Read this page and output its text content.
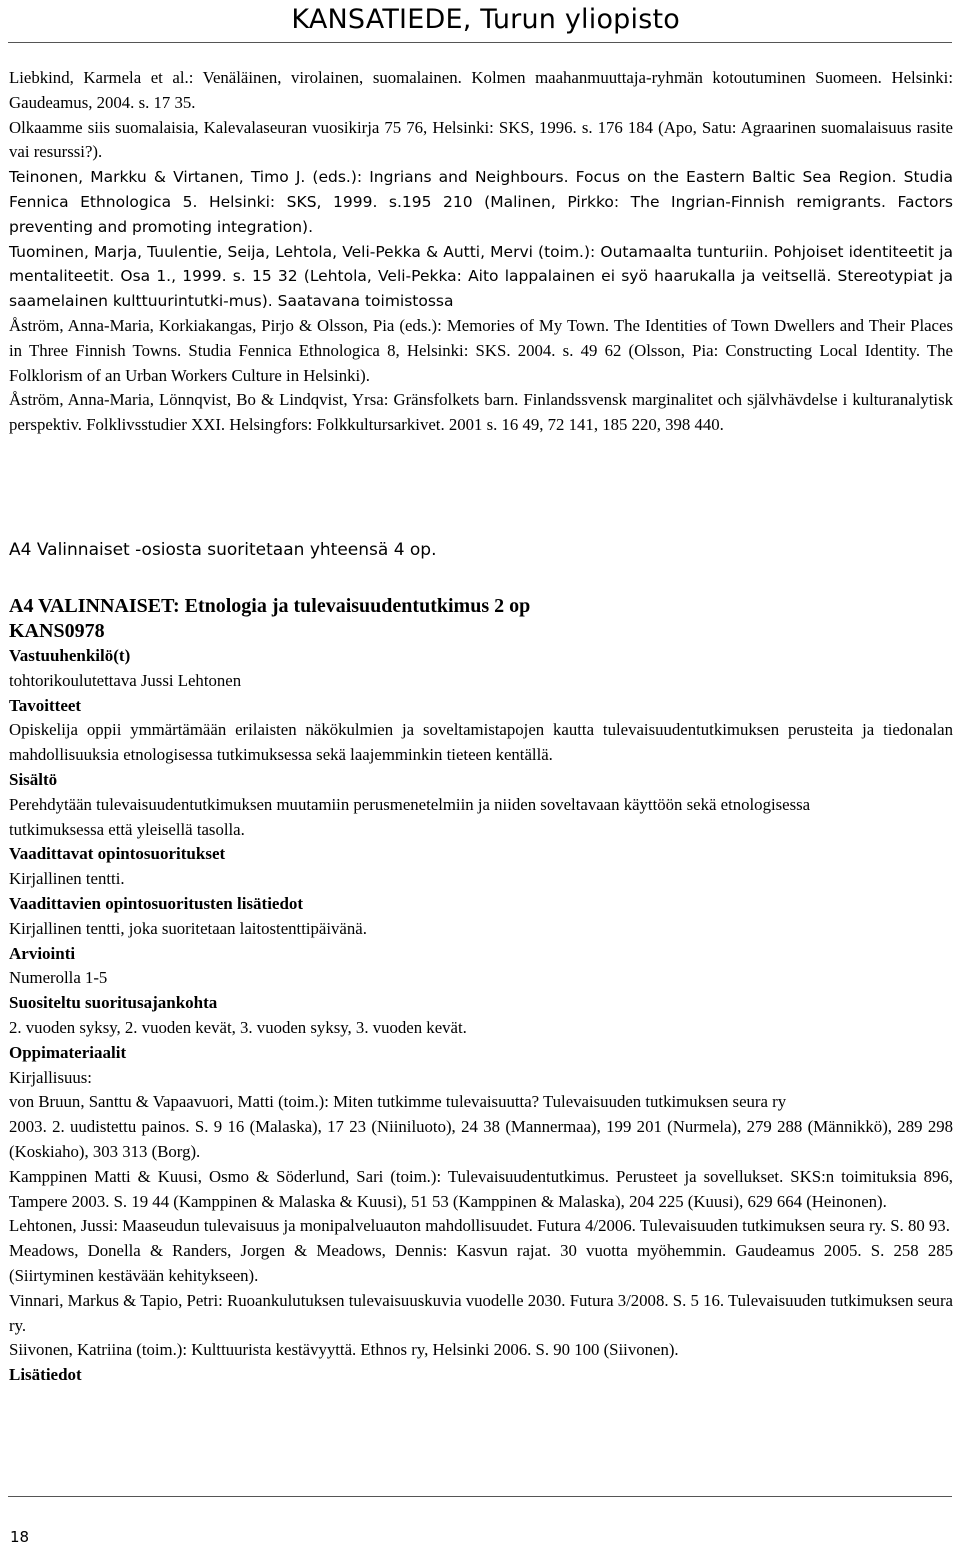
KANSATIEDE, Turun yliopisto

Liebkind, Karmela et al.: Venäläinen, virolainen, suomalainen. Kolmen maahanmuuttaja-ryhmän kotoutuminen Suomeen. Helsinki: Gaudeamus, 2004. s. 17 35.

Olkaamme siis suomalaisia, Kalevalaseuran vuosikirja 75 76, Helsinki: SKS, 1996. s. 176 184 (Apo, Satu: Agraarinen suomalaisuus rasite vai resurssi?).

Teinonen, Markku & Virtanen, Timo J. (eds.): Ingrians and Neighbours. Focus on the Eastern Baltic Sea Region. Studia Fennica Ethnologica 5. Helsinki: SKS, 1999. s.195 210 (Malinen, Pirkko: The Ingrian-Finnish remigrants. Factors preventing and promoting integration).

Tuominen, Marja, Tuulentie, Seija, Lehtola, Veli-Pekka & Autti, Mervi (toim.): Outamaalta tunturiin. Pohjoiset identiteetit ja mentaliteetit. Osa 1., 1999. s. 15 32 (Lehtola, Veli-Pekka: Aito lappalainen ei syö haarukalla ja veitsellä. Stereotypiat ja saamelainen kulttuurintutki-mus). Saatavana toimistossa

Åström, Anna-Maria, Korkiakangas, Pirjo & Olsson, Pia (eds.): Memories of My Town. The Identities of Town Dwellers and Their Places in Three Finnish Towns. Studia Fennica Ethnologica 8, Helsinki: SKS. 2004. s. 49 62 (Olsson, Pia: Constructing Local Identity. The Folklorism of an Urban Workers Culture in Helsinki).

Åström, Anna-Maria, Lönnqvist, Bo & Lindqvist, Yrsa: Gränsfolkets barn. Finlandssvensk marginalitet och självhävdelse i kulturanalytisk perspektiv. Folklivsstudier XXI. Helsingfors: Folkkultursarkivet. 2001 s. 16 49, 72 141, 185 220, 398 440.

A4 Valinnaiset -osiosta suoritetaan yhteensä 4 op.
A4 VALINNAISET: Etnologia ja tulevaisuudentutkimus 2 op
KANS0978
Vastuuhenkilö(t)

tohtorikoulutettava Jussi Lehtonen

Tavoitteet

Opiskelija oppii ymmärtämään erilaisten näkökulmien ja soveltamistapojen kautta tulevaisuudentutkimuksen perusteita ja tiedonalan mahdollisuuksia etnologisessa tutkimuksessa sekä laajemminkin tieteen kentällä.

Sisältö

Perehdytään tulevaisuudentutkimuksen muutamiin perusmenetelmiin ja niiden soveltavaan käyttöön sekä etnologisessa

tutkimuksessa että yleisellä tasolla.

Vaadittavat opintosuoritukset

Kirjallinen tentti.

Vaadittavien opintosuoritusten lisätiedot

Kirjallinen tentti, joka suoritetaan laitostenttipäivänä.

Arviointi

Numerolla 1-5

Suositeltu suoritusajankohta

2. vuoden syksy, 2. vuoden kevät, 3. vuoden syksy, 3. vuoden kevät.

Oppimateriaalit

Kirjallisuus:

von Bruun, Santtu & Vapaavuori, Matti (toim.): Miten tutkimme tulevaisuutta? Tulevaisuuden tutkimuksen seura ry

2003. 2. uudistettu painos. S. 9 16 (Malaska), 17 23 (Niiniluoto), 24 38 (Mannermaa), 199 201 (Nurmela), 279 288 (Männikkö), 289 298 (Koskiaho), 303 313 (Borg).

Kamppinen Matti & Kuusi, Osmo & Söderlund, Sari (toim.): Tulevaisuudentutkimus. Perusteet ja sovellukset. SKS:n toimituksia 896, Tampere 2003. S. 19 44 (Kamppinen & Malaska & Kuusi), 51 53 (Kamppinen & Malaska), 204 225 (Kuusi), 629 664 (Heinonen).

Lehtonen, Jussi: Maaseudun tulevaisuus ja monipalveluauton mahdollisuudet. Futura 4/2006. Tulevaisuuden tutkimuksen seura ry. S. 80 93.

Meadows, Donella & Randers, Jorgen & Meadows, Dennis: Kasvun rajat. 30 vuotta myöhemmin. Gaudeamus 2005. S. 258 285 (Siirtyminen kestävään kehitykseen).

Vinnari, Markus & Tapio, Petri: Ruoankulutuksen tulevaisuuskuvia vuodelle 2030. Futura 3/2008. S. 5 16. Tulevaisuuden tutkimuksen seura ry.

Siivonen, Katriina (toim.): Kulttuurista kestävyyttä. Ethnos ry, Helsinki 2006. S. 90 100 (Siivonen).

Lisätiedot
18
